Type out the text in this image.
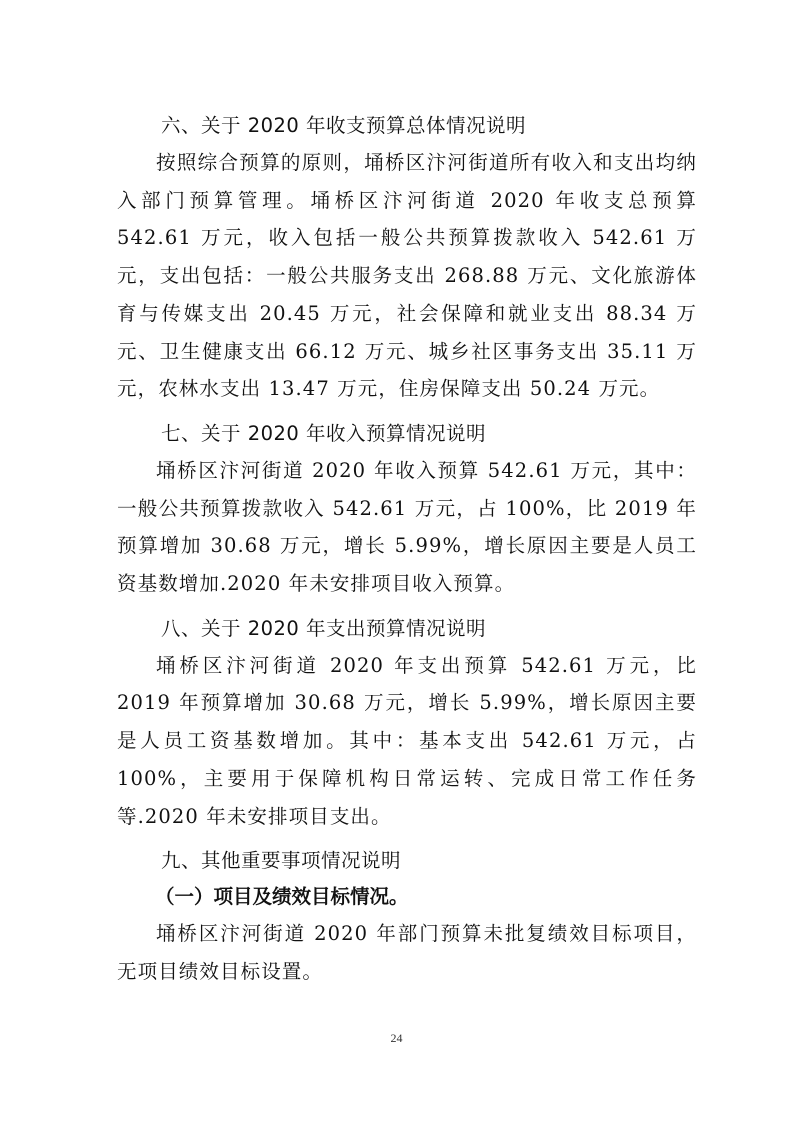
六、关于 2020 年收支预算总体情况说明

按照综合预算的原则，埇桥区汴河街道所有收入和支出均纳入部门预算管理。埇桥区汴河街道 2020 年收支总预算 542.61 万元，收入包括一般公共预算拨款收入 542.61 万元，支出包括：一般公共服务支出 268.88 万元、文化旅游体育与传媒支出 20.45 万元，社会保障和就业支出 88.34 万元、卫生健康支出 66.12 万元、城乡社区事务支出 35.11 万元，农林水支出 13.47 万元，住房保障支出 50.24 万元。

七、关于 2020 年收入预算情况说明

埇桥区汴河街道 2020 年收入预算 542.61 万元，其中：一般公共预算拨款收入 542.61 万元，占 100%，比 2019 年预算增加 30.68 万元，增长 5.99%，增长原因主要是人员工资基数增加.2020 年未安排项目收入预算。

八、关于 2020 年支出预算情况说明

埇桥区汴河街道 2020 年支出预算 542.61 万元，比 2019 年预算增加 30.68 万元，增长 5.99%，增长原因主要是人员工资基数增加。其中：基本支出 542.61 万元，占 100%，主要用于保障机构日常运转、完成日常工作任务等.2020 年未安排项目支出。

九、其他重要事项情况说明
（一）项目及绩效目标情况。

埇桥区汴河街道 2020 年部门预算未批复绩效目标项目，无项目绩效目标设置。

24
